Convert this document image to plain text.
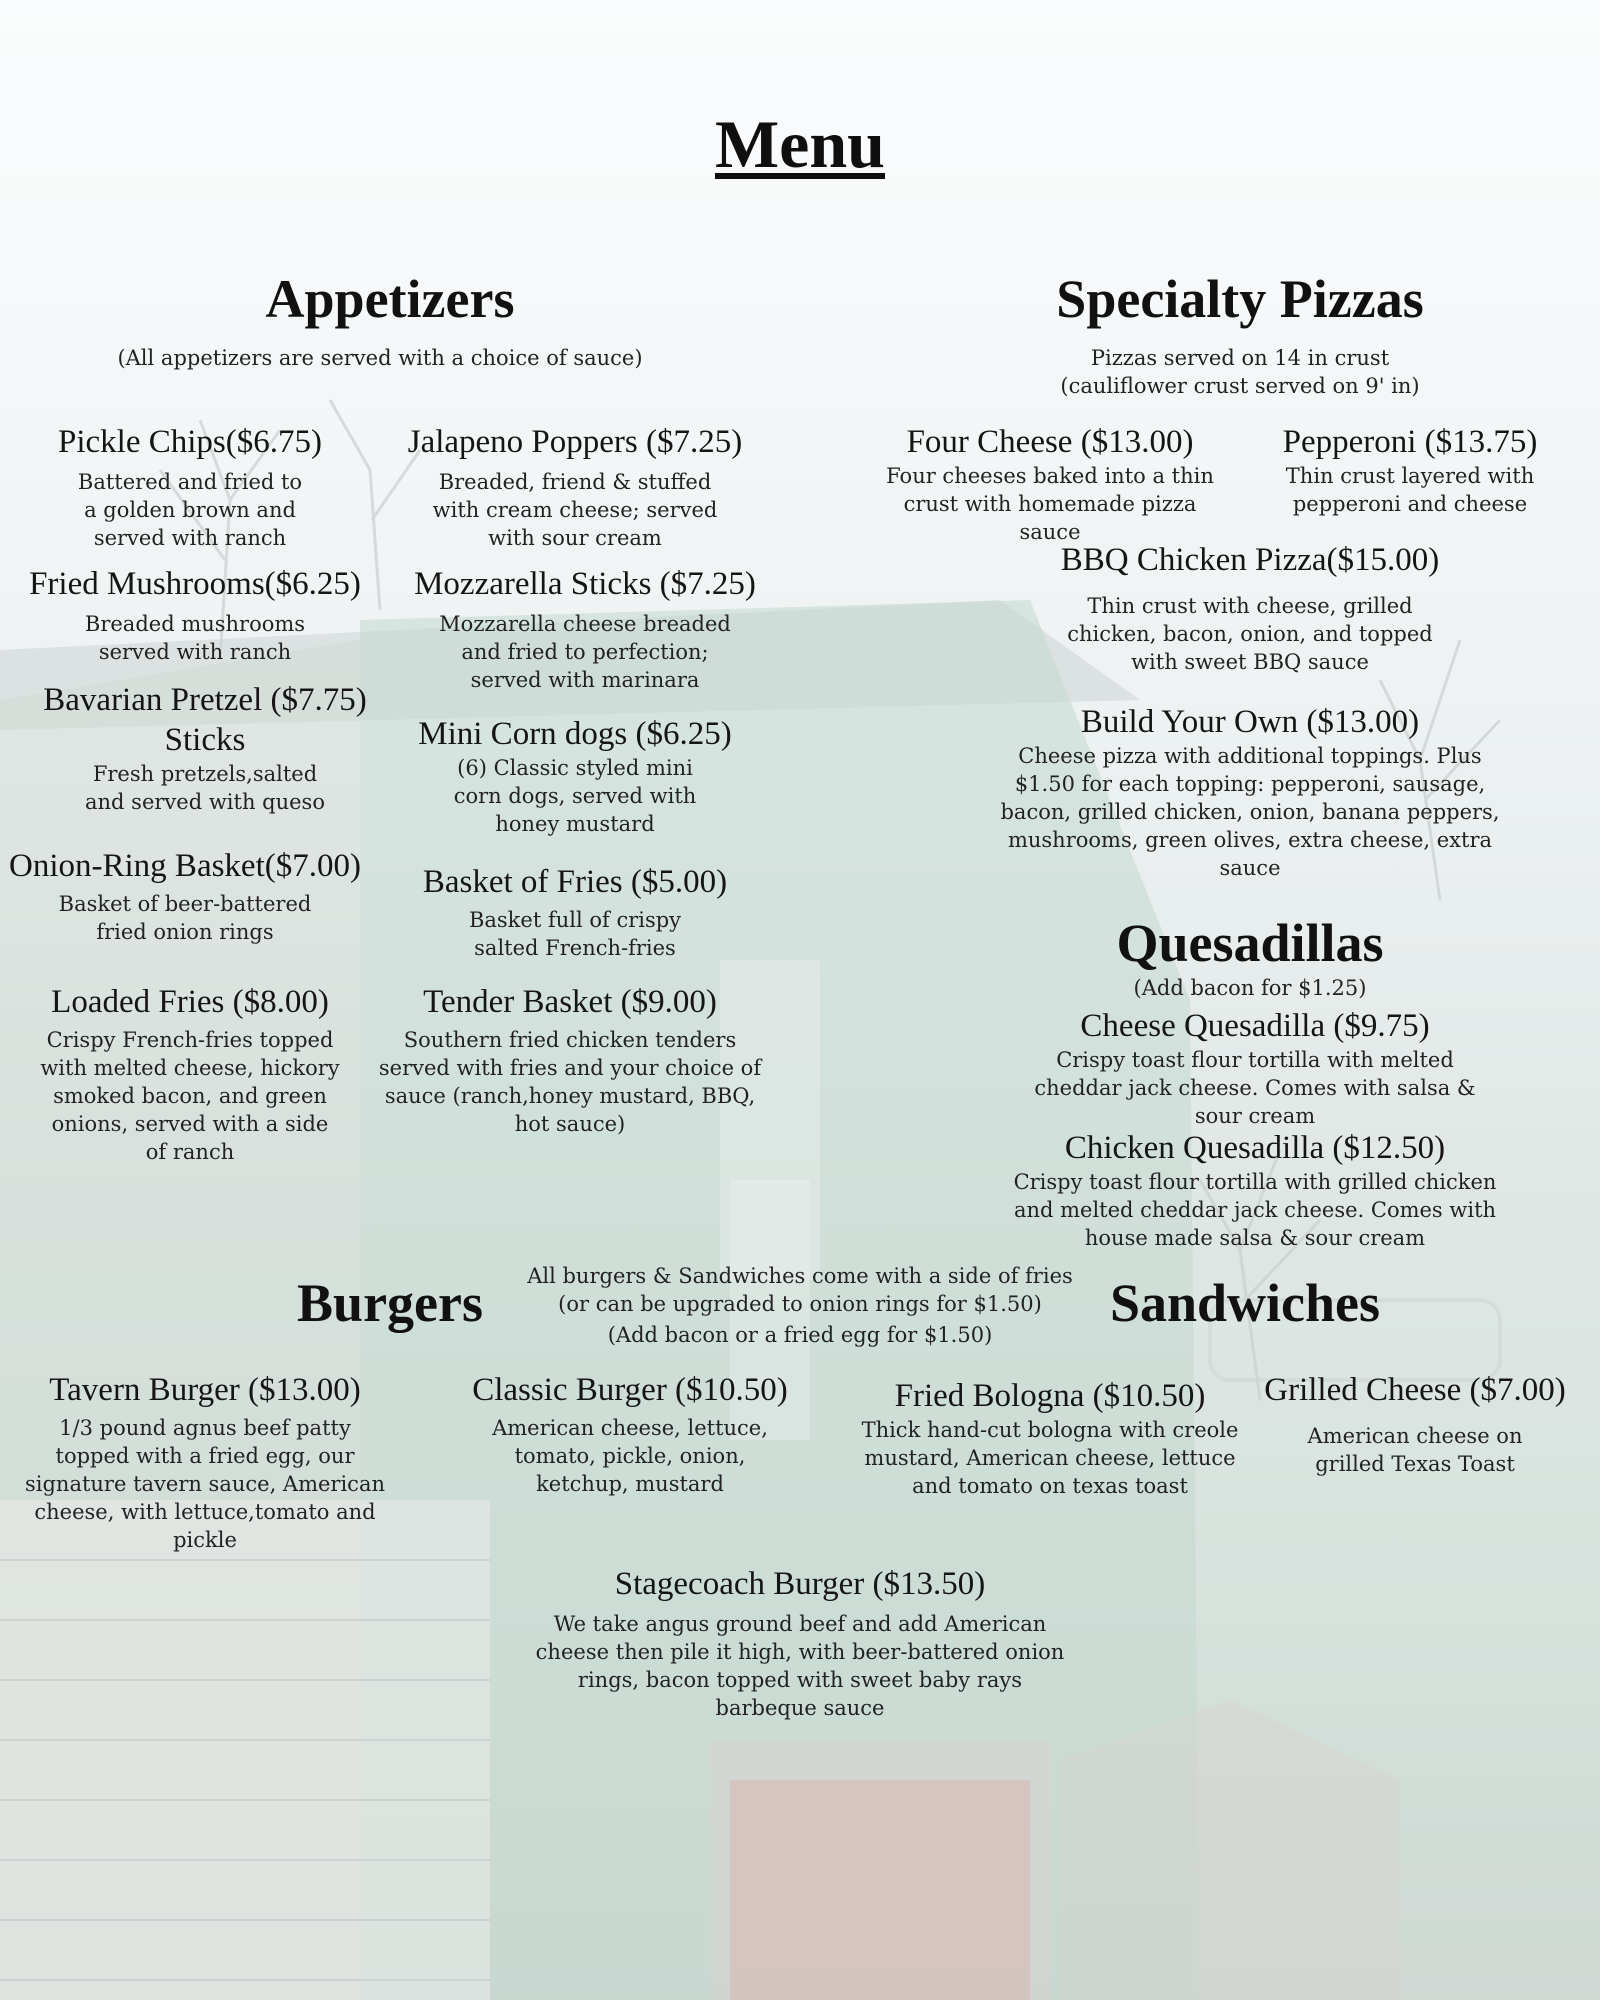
Menu
Appetizers
(All appetizers are served with a choice of sauce)
Pickle Chips($6.75)
Battered and fried to a golden brown and served with ranch
Jalapeno Poppers ($7.25)
Breaded, friend & stuffed with cream cheese; served with sour cream
Fried Mushrooms($6.25)
Breaded mushrooms served with ranch
Mozzarella Sticks ($7.25)
Mozzarella cheese breaded and fried to perfection; served with marinara
Bavarian Pretzel ($7.75) Sticks
Fresh pretzels,salted and served with queso
Mini Corn dogs ($6.25)
(6) Classic styled mini corn dogs, served with honey mustard
Onion-Ring Basket($7.00)
Basket of beer-battered fried onion rings
Basket of Fries ($5.00)
Basket full of crispy salted French-fries
Loaded Fries ($8.00)
Crispy French-fries topped with melted cheese, hickory smoked bacon, and green onions, served with a side of ranch
Tender Basket ($9.00)
Southern fried chicken tenders served with fries and your choice of sauce (ranch,honey mustard, BBQ, hot sauce)
Specialty Pizzas
Pizzas served on 14 in crust (cauliflower crust served on 9' in)
Four Cheese ($13.00)
Four cheeses baked into a thin crust with homemade pizza sauce
Pepperoni ($13.75)
Thin crust layered with pepperoni and cheese
BBQ Chicken Pizza($15.00)
Thin crust with cheese, grilled chicken, bacon, onion, and topped with sweet BBQ sauce
Build Your Own ($13.00)
Cheese pizza with additional toppings. Plus $1.50 for each topping: pepperoni, sausage, bacon, grilled chicken, onion, banana peppers, mushrooms, green olives, extra cheese, extra sauce
Quesadillas
(Add bacon for $1.25)
Cheese Quesadilla ($9.75)
Crispy toast flour tortilla with melted cheddar jack cheese. Comes with salsa & sour cream
Chicken Quesadilla ($12.50)
Crispy toast flour tortilla with grilled chicken and melted cheddar jack cheese. Comes with house made salsa & sour cream
Burgers	All burgers & Sandwiches come with a side of fries
(or can be upgraded to onion rings for $1.50)
(Add bacon or a fried egg for $1.50)
Sandwiches
Tavern Burger ($13.00)
1/3 pound agnus beef patty topped with a fried egg, our signature tavern sauce, American cheese, with lettuce,tomato and pickle
Classic Burger ($10.50)
American cheese, lettuce, tomato, pickle, onion, ketchup, mustard
Fried Bologna ($10.50)
Thick hand-cut bologna with creole mustard, American cheese, lettuce and tomato on texas toast
Grilled Cheese ($7.00)
American cheese on grilled Texas Toast
Stagecoach Burger ($13.50)
We take angus ground beef and add American cheese then pile it high, with beer-battered onion rings, bacon topped with sweet baby rays barbeque sauce
